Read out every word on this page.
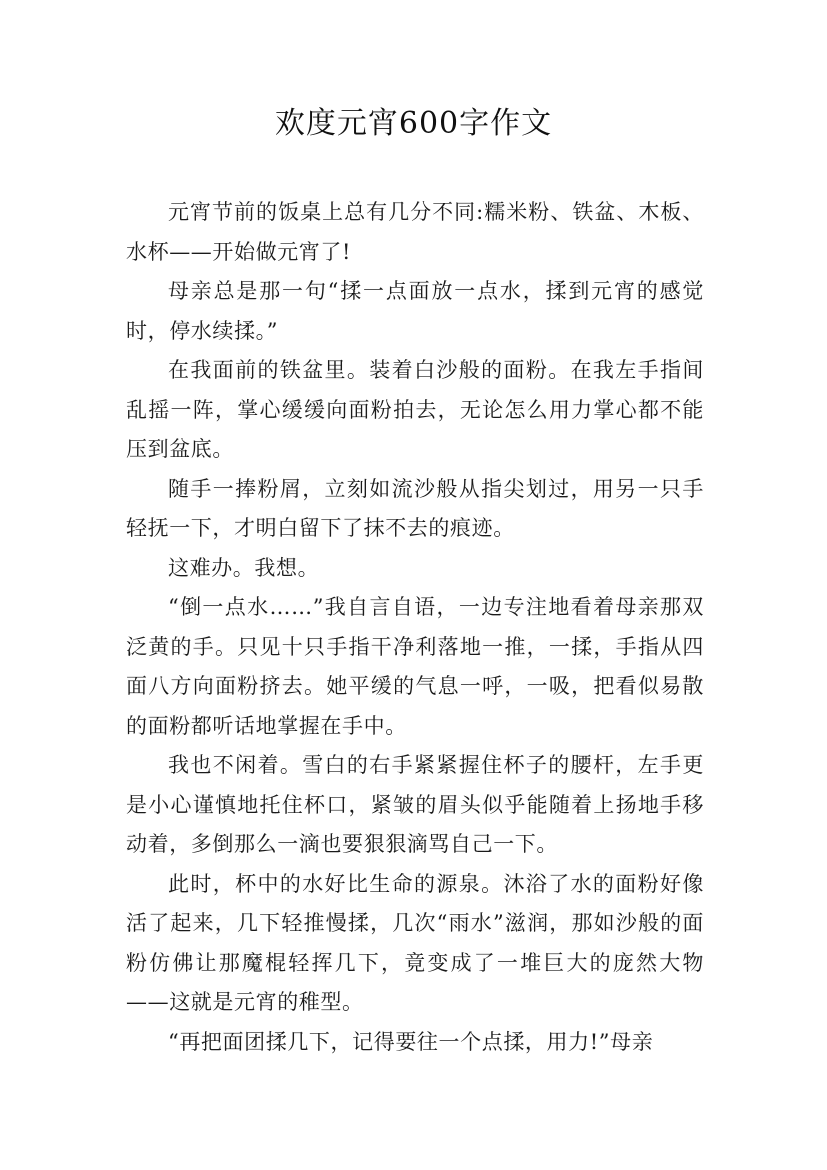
欢度元宵600字作文

元宵节前的饭桌上总有几分不同:糯米粉、铁盆、木板、水杯——开始做元宵了!

母亲总是那一句“揉一点面放一点水，揉到元宵的感觉时，停水续揉。”

在我面前的铁盆里。装着白沙般的面粉。在我左手指间乱摇一阵，掌心缓缓向面粉拍去，无论怎么用力掌心都不能压到盆底。

随手一捧粉屑，立刻如流沙般从指尖划过，用另一只手轻抚一下，才明白留下了抹不去的痕迹。

这难办。我想。

“倒一点水……”我自言自语，一边专注地看着母亲那双泛黄的手。只见十只手指干净利落地一推，一揉，手指从四面八方向面粉挤去。她平缓的气息一呼，一吸，把看似易散的面粉都听话地掌握在手中。

我也不闲着。雪白的右手紧紧握住杯子的腰杆，左手更是小心谨慎地托住杯口，紧皱的眉头似乎能随着上扬地手移动着，多倒那么一滴也要狠狠滴骂自己一下。

此时，杯中的水好比生命的源泉。沐浴了水的面粉好像活了起来，几下轻推慢揉，几次“雨水”滋润，那如沙般的面粉仿佛让那魔棍轻挥几下，竟变成了一堆巨大的庞然大物——这就是元宵的稚型。

“再把面团揉几下，记得要往一个点揉，用力!”母亲
